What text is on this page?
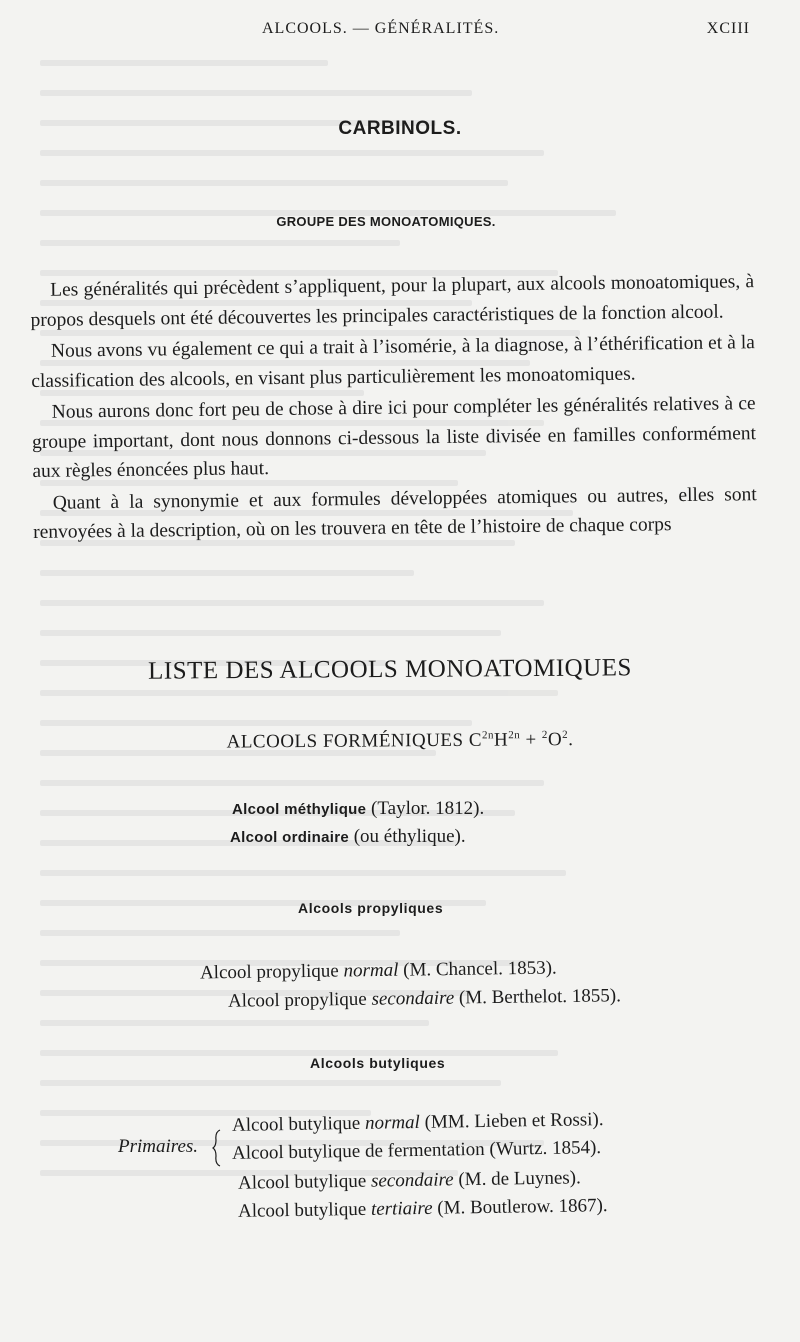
ALCOOLS. — GÉNÉRALITÉS.	XCIII
CARBINOLS.
GROUPE DES MONOATOMIQUES.

Les généralités qui précèdent s’appliquent, pour la plupart, aux alcools monoatomiques, à propos desquels ont été découvertes les principales caractéristiques de la fonction alcool.

Nous avons vu également ce qui a trait à l’isomérie, à la diagnose, à l’éthérification et à la classification des alcools, en visant plus particulièrement les monoatomiques.

Nous aurons donc fort peu de chose à dire ici pour compléter les généralités relatives à ce groupe important, dont nous donnons ci-dessous la liste divisée en familles conformément aux règles énoncées plus haut.

Quant à la synonymie et aux formules développées atomiques ou autres, elles sont renvoyées à la description, où on les trouvera en tête de l’histoire de chaque corps

LISTE DES ALCOOLS MONOATOMIQUES
ALCOOLS FORMÉNIQUES $C^{2n}H^{2n} + ^2O^2$.
Alcool méthylique (Taylor. 1812).
Alcool ordinaire (ou éthylique).
Alcools propyliques
Alcool propylique normal (M. Chancel. 1853).
Alcool propylique secondaire (M. Berthelot. 1855).
Alcools butyliques
Primaires.
Alcool butylique normal (MM. Lieben et Rossi).
Alcool butylique de fermentation (Wurtz. 1854).
Alcool butylique secondaire (M. de Luynes).
Alcool butylique tertiaire (M. Boutlerow. 1867).
